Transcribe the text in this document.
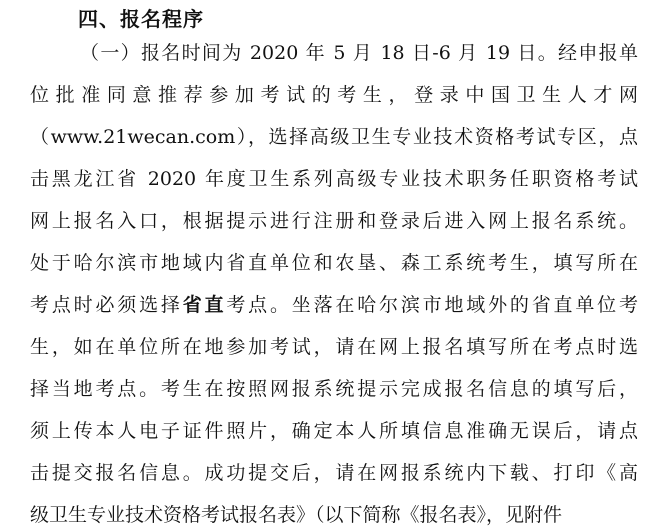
四、报名程序
（一）报名时间为 2020 年 5 月 18 日-6 月 19 日。经申报单
位批准同意推荐参加考试的考生，登录中国卫生人才网
（www.21wecan.com），选择高级卫生专业技术资格考试专区，点
击黑龙江省 2020 年度卫生系列高级专业技术职务任职资格考试
网上报名入口，根据提示进行注册和登录后进入网上报名系统。
处于哈尔滨市地域内省直单位和农垦、森工系统考生，填写所在
考点时必须选择省直考点。坐落在哈尔滨市地域外的省直单位考
生，如在单位所在地参加考试，请在网上报名填写所在考点时选
择当地考点。考生在按照网报系统提示完成报名信息的填写后，
须上传本人电子证件照片，确定本人所填信息准确无误后，请点
击提交报名信息。成功提交后，请在网报系统内下载、打印《高
级卫生专业技术资格考试报名表》（以下简称《报名表》，见附件
